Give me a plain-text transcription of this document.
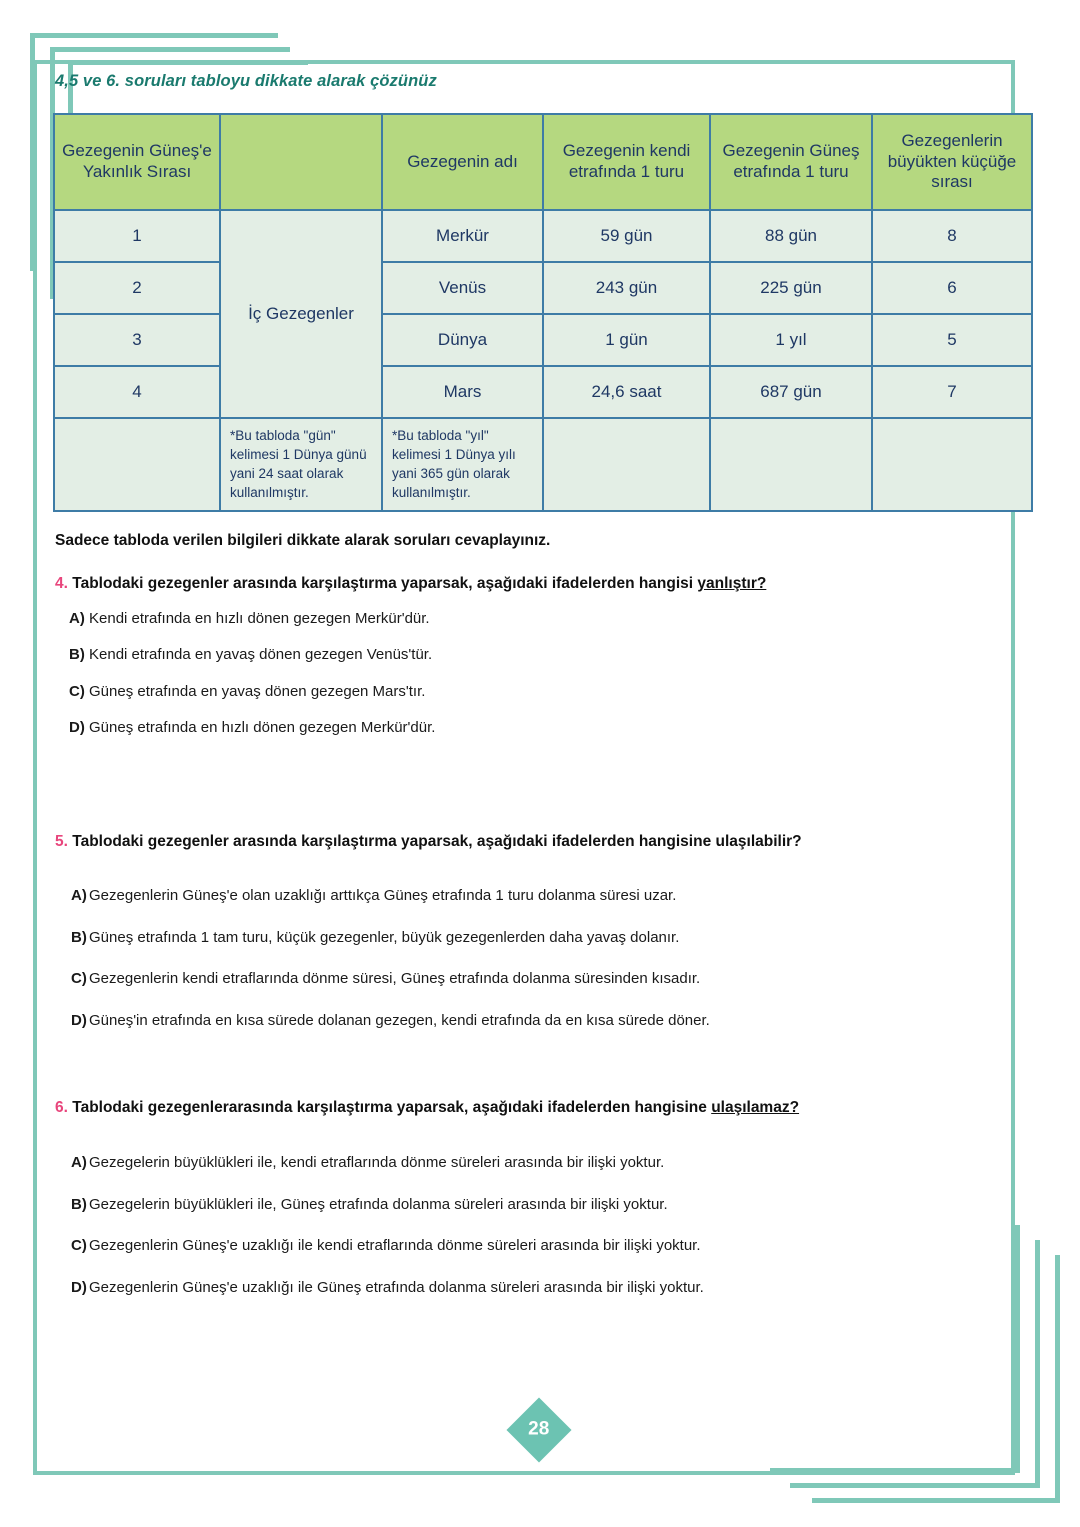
4,5 ve 6. soruları tabloyu dikkate alarak çözünüz
Gezegenin Güneş'e Yakınlık Sırası		Gezegenin adı	Gezegenin kendi etrafında 1 turu	Gezegenin Güneş etrafında 1 turu	Gezegenlerin büyükten küçüğe sırası
1	İç Gezegenler	Merkür	59 gün	88 gün	8
2		Venüs	243 gün	225 gün	6
3		Dünya	1 gün	1 yıl	5
4		Mars	24,6 saat	687 gün	7
	*Bu tabloda "gün" kelimesi 1 Dünya günü yani 24 saat olarak kullanılmıştır.	*Bu tabloda "yıl" kelimesi 1 Dünya yılı yani 365 gün olarak kullanılmıştır.			
Sadece tabloda verilen bilgileri dikkate alarak soruları cevaplayınız.
4. Tablodaki gezegenler arasında karşılaştırma yaparsak, aşağıdaki ifadelerden hangisi yanlıştır?
A) Kendi etrafında en hızlı dönen gezegen Merkür'dür.
B) Kendi etrafında en yavaş dönen gezegen Venüs'tür.
C) Güneş etrafında en yavaş dönen gezegen Mars'tır.
D) Güneş etrafında en hızlı dönen gezegen Merkür'dür.
5. Tablodaki gezegenler arasında karşılaştırma yaparsak, aşağıdaki ifadelerden hangisine ulaşılabilir?
A) Gezegenlerin Güneş'e olan uzaklığı arttıkça Güneş etrafında 1 turu dolanma süresi uzar.
B) Güneş etrafında 1 tam turu, küçük gezegenler, büyük gezegenlerden daha yavaş dolanır.
C) Gezegenlerin kendi etraflarında dönme süresi, Güneş etrafında dolanma süresinden kısadır.
D) Güneş'in etrafında en kısa sürede dolanan gezegen, kendi etrafında da en kısa sürede döner.
6. Tablodaki gezegenlerarasında karşılaştırma yaparsak, aşağıdaki ifadelerden hangisine ulaşılamaz?
A) Gezegelerin büyüklükleri ile, kendi etraflarında dönme süreleri arasında bir ilişki yoktur.
B) Gezegelerin büyüklükleri ile, Güneş etrafında dolanma süreleri arasında bir ilişki yoktur.
C) Gezegenlerin Güneş'e uzaklığı ile kendi etraflarında dönme süreleri arasında bir ilişki yoktur.
D) Gezegenlerin Güneş'e uzaklığı ile Güneş etrafında dolanma süreleri arasında bir ilişki yoktur.
28
